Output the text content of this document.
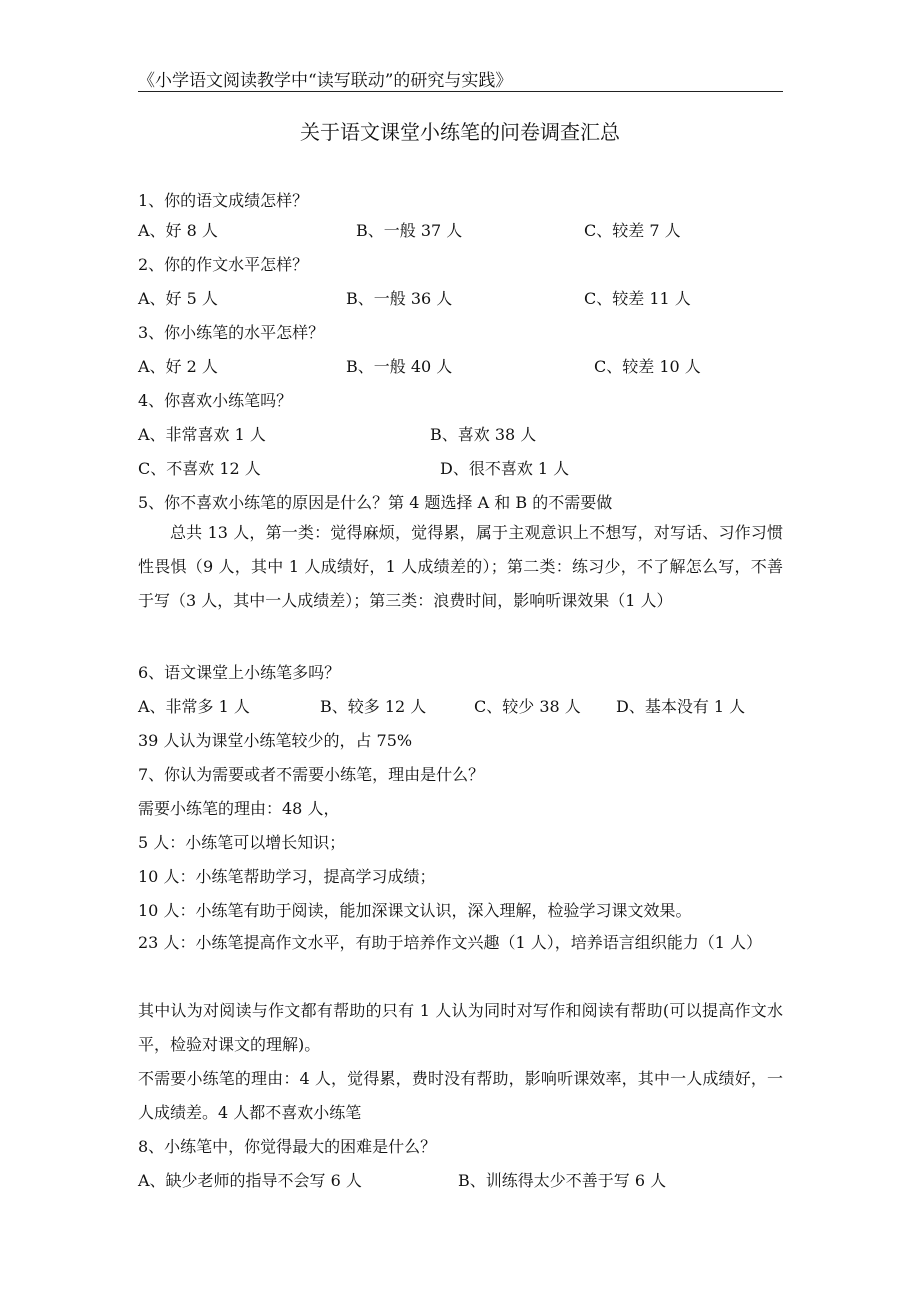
《小学语文阅读教学中“读写联动”的研究与实践》
关于语文课堂小练笔的问卷调查汇总
1、你的语文成绩怎样？
A、好 8 人	B、一般 37 人	C、较差 7 人
2、你的作文水平怎样？
A、好 5 人	B、一般 36 人	C、较差 11 人
3、你小练笔的水平怎样？
A、好 2 人	B、一般 40 人	C、较差 10 人
4、你喜欢小练笔吗？
A、非常喜欢 1 人	B、喜欢 38 人
C、不喜欢 12 人	D、很不喜欢 1 人
5、你不喜欢小练笔的原因是什么？第 4 题选择 A 和 B 的不需要做
总共 13 人，第一类：觉得麻烦，觉得累，属于主观意识上不想写，对写话、习作习惯性畏惧（9 人，其中 1 人成绩好，1 人成绩差的）；第二类：练习少，不了解怎么写，不善于写（3 人，其中一人成绩差）；第三类：浪费时间，影响听课效果（1 人）
6、语文课堂上小练笔多吗？
A、非常多 1 人	B、较多 12 人	C、较少 38 人 D、基本没有 1 人
39 人认为课堂小练笔较少的，占 75%
7、你认为需要或者不需要小练笔，理由是什么？
需要小练笔的理由：48 人，
5 人：小练笔可以增长知识；
10 人：小练笔帮助学习，提高学习成绩；
10 人：小练笔有助于阅读，能加深课文认识，深入理解，检验学习课文效果。
23 人：小练笔提高作文水平，有助于培养作文兴趣（1 人），培养语言组织能力（1 人）
其中认为对阅读与作文都有帮助的只有 1 人认为同时对写作和阅读有帮助(可以提高作文水平，检验对课文的理解)。
不需要小练笔的理由：4 人，觉得累，费时没有帮助，影响听课效率，其中一人成绩好，一人成绩差。4 人都不喜欢小练笔
8、小练笔中，你觉得最大的困难是什么？
A、缺少老师的指导不会写 6 人	B、训练得太少不善于写 6 人
